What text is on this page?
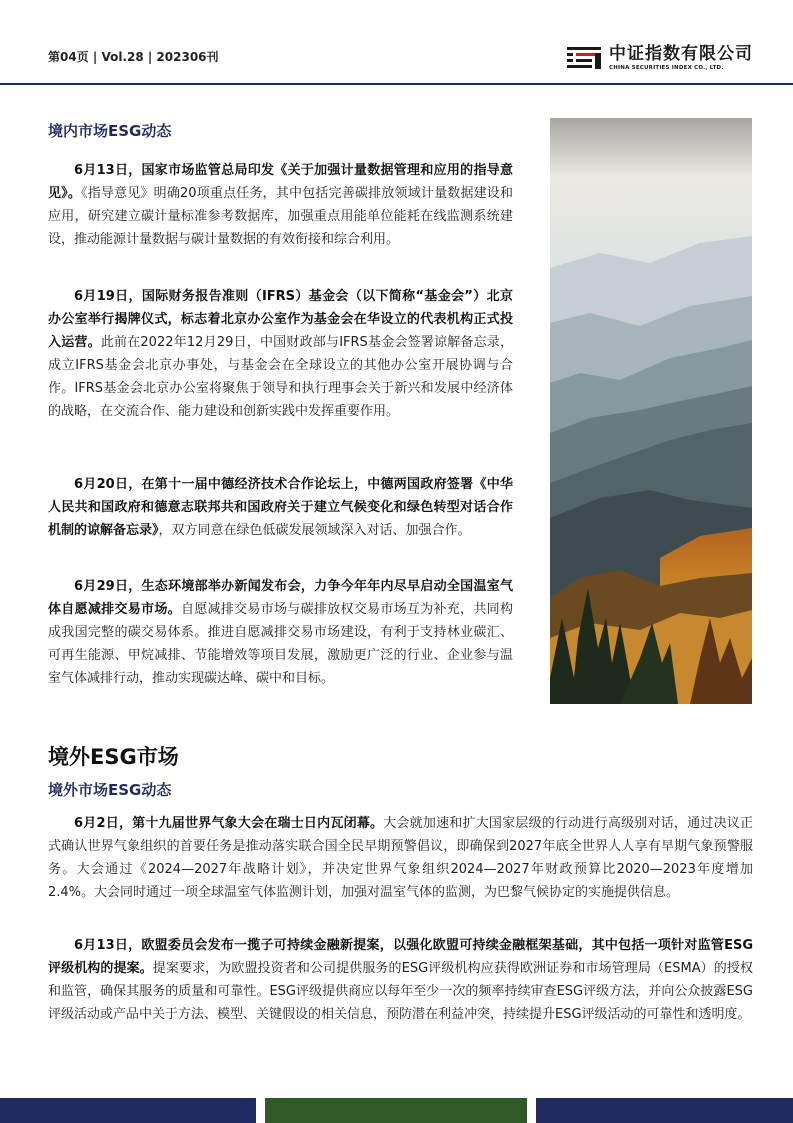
第04页 | Vol.28 | 202306刊	中证指数有限公司
CHINA SECURITIES INDEX CO., LTD.
境内市场ESG动态

6月13日，国家市场监管总局印发《关于加强计量数据管理和应用的指导意见》。《指导意见》明确20项重点任务，其中包括完善碳排放领域计量数据建设和应用，研究建立碳计量标准参考数据库，加强重点用能单位能耗在线监测系统建设，推动能源计量数据与碳计量数据的有效衔接和综合利用。

6月19日，国际财务报告准则（IFRS）基金会（以下简称“基金会”）北京办公室举行揭牌仪式，标志着北京办公室作为基金会在华设立的代表机构正式投入运营。此前在2022年12月29日，中国财政部与IFRS基金会签署谅解备忘录，成立IFRS基金会北京办事处，与基金会在全球设立的其他办公室开展协调与合作。IFRS基金会北京办公室将聚焦于领导和执行理事会关于新兴和发展中经济体的战略，在交流合作、能力建设和创新实践中发挥重要作用。

6月20日，在第十一届中德经济技术合作论坛上，中德两国政府签署《中华人民共和国政府和德意志联邦共和国政府关于建立气候变化和绿色转型对话合作机制的谅解备忘录》，双方同意在绿色低碳发展领域深入对话、加强合作。

6月29日，生态环境部举办新闻发布会，力争今年年内尽早启动全国温室气体自愿减排交易市场。自愿减排交易市场与碳排放权交易市场互为补充，共同构成我国完整的碳交易体系。推进自愿减排交易市场建设，有利于支持林业碳汇、可再生能源、甲烷减排、节能增效等项目发展，激励更广泛的行业、企业参与温室气体减排行动，推动实现碳达峰、碳中和目标。

境外ESG市场
境外市场ESG动态

6月2日，第十九届世界气象大会在瑞士日内瓦闭幕。大会就加速和扩大国家层级的行动进行高级别对话，通过决议正式确认世界气象组织的首要任务是推动落实联合国全民早期预警倡议，即确保到2027年底全世界人人享有早期气象预警服务。大会通过《2024—2027年战略计划》，并决定世界气象组织2024—2027年财政预算比2020—2023年度增加2.4%。大会同时通过一项全球温室气体监测计划，加强对温室气体的监测，为巴黎气候协定的实施提供信息。

6月13日，欧盟委员会发布一揽子可持续金融新提案，以强化欧盟可持续金融框架基础，其中包括一项针对监管ESG评级机构的提案。提案要求，为欧盟投资者和公司提供服务的ESG评级机构应获得欧洲证券和市场管理局（ESMA）的授权和监管，确保其服务的质量和可靠性。ESG评级提供商应以每年至少一次的频率持续审查ESG评级方法，并向公众披露ESG评级活动或产品中关于方法、模型、关键假设的相关信息，预防潜在利益冲突，持续提升ESG评级活动的可靠性和透明度。
